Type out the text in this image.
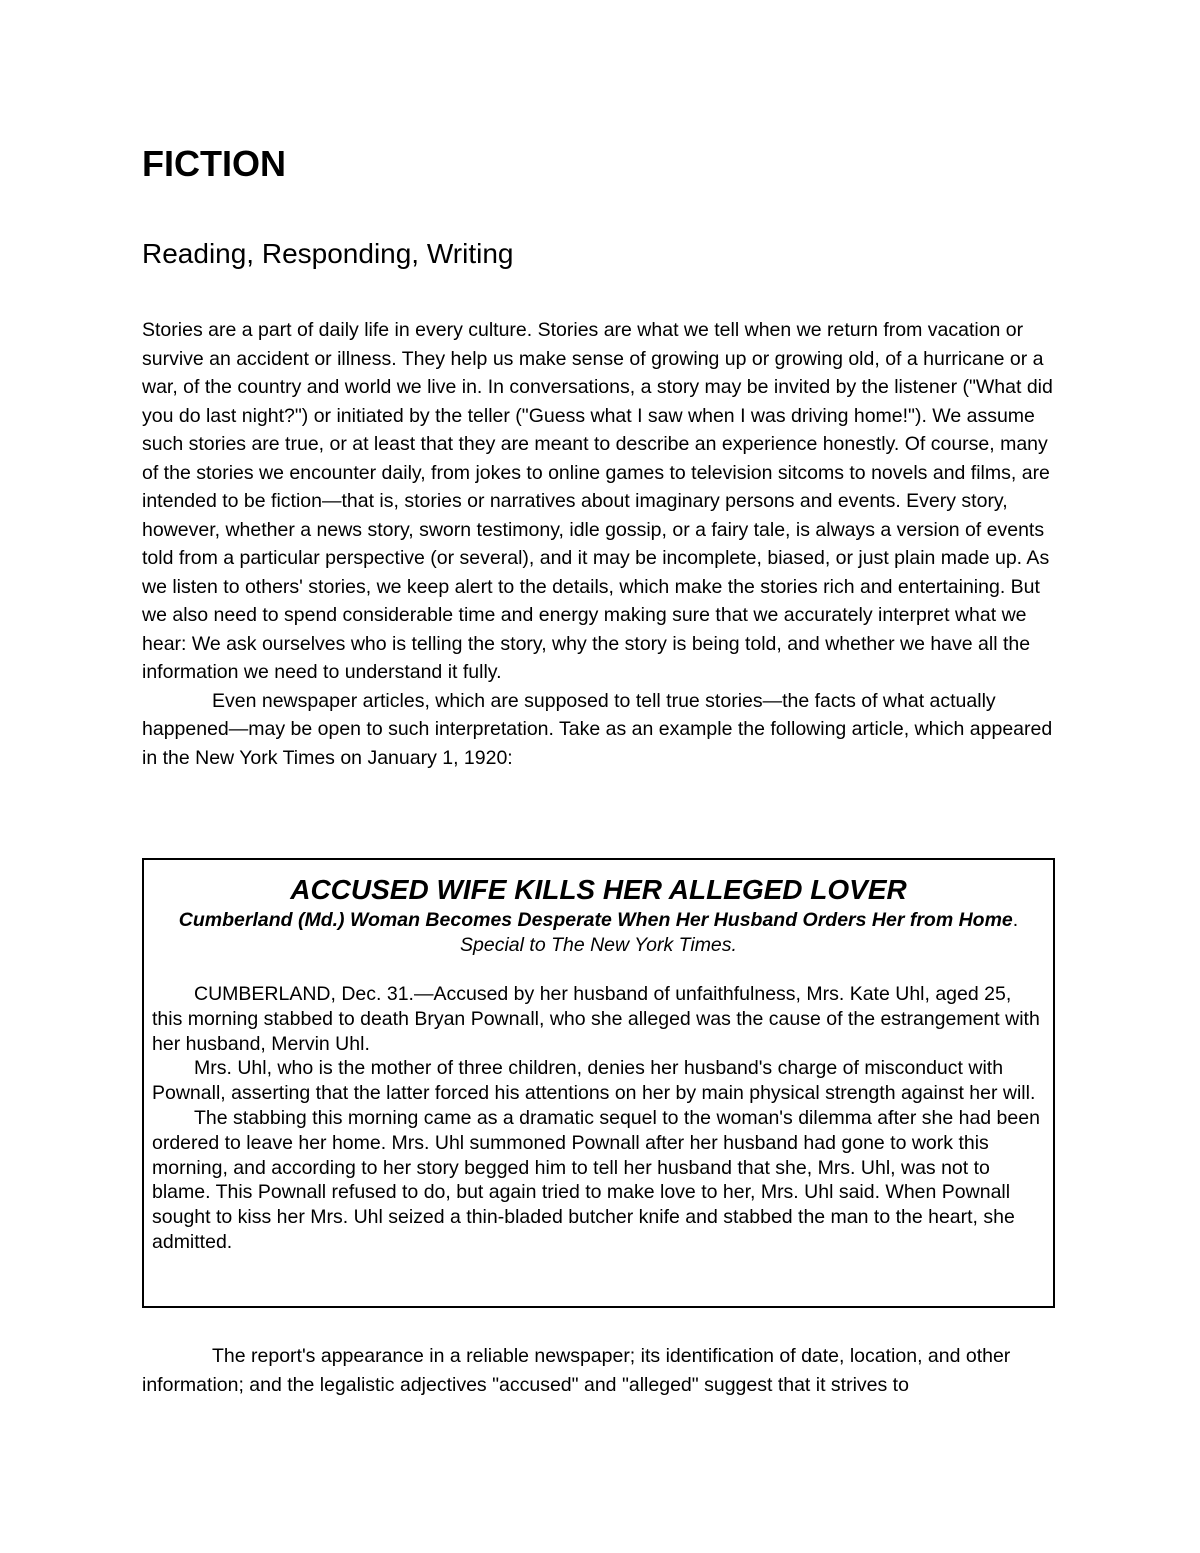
FICTION
Reading, Responding, Writing

Stories are a part of daily life in every culture. Stories are what we tell when we return from vacation or survive an accident or illness. They help us make sense of growing up or growing old, of a hurricane or a war, of the country and world we live in. In conversations, a story may be invited by the listener ("What did you do last night?") or initiated by the teller ("Guess what I saw when I was driving home!"). We assume such stories are true, or at least that they are meant to describe an experience honestly. Of course, many of the stories we encounter daily, from jokes to online games to television sitcoms to novels and films, are intended to be fiction—that is, stories or narratives about imaginary persons and events. Every story, however, whether a news story, sworn testimony, idle gossip, or a fairy tale, is always a version of events told from a particular perspective (or several), and it may be incomplete, biased, or just plain made up. As we listen to others' stories, we keep alert to the details, which make the stories rich and entertaining. But we also need to spend considerable time and energy making sure that we accurately interpret what we hear: We ask ourselves who is telling the story, why the story is being told, and whether we have all the information we need to understand it fully.

Even newspaper articles, which are supposed to tell true stories—the facts of what actually happened—may be open to such interpretation. Take as an example the following article, which appeared in the New York Times on January 1, 1920:

ACCUSED WIFE KILLS HER ALLEGED LOVER

Cumberland (Md.) Woman Becomes Desperate When Her Husband Orders Her from Home.

Special to The New York Times.

CUMBERLAND, Dec. 31.—Accused by her husband of unfaithfulness, Mrs. Kate Uhl, aged 25, this morning stabbed to death Bryan Pownall, who she alleged was the cause of the estrangement with her husband, Mervin Uhl.

Mrs. Uhl, who is the mother of three children, denies her husband's charge of misconduct with Pownall, asserting that the latter forced his attentions on her by main physical strength against her will.

The stabbing this morning came as a dramatic sequel to the woman's dilemma after she had been ordered to leave her home. Mrs. Uhl summoned Pownall after her husband had gone to work this morning, and according to her story begged him to tell her husband that she, Mrs. Uhl, was not to blame. This Pownall refused to do, but again tried to make love to her, Mrs. Uhl said. When Pownall sought to kiss her Mrs. Uhl seized a thin-bladed butcher knife and stabbed the man to the heart, she admitted.

The report's appearance in a reliable newspaper; its identification of date, location, and other information; and the legalistic adjectives "accused" and "alleged" suggest that it strives to
